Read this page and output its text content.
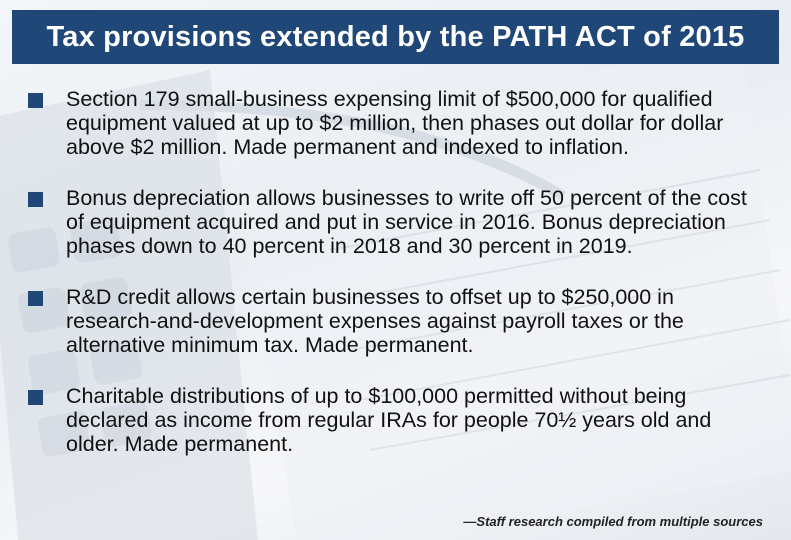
Tax provisions extended by the PATH ACT of 2015
Section 179 small-business expensing limit of $500,000 for qualified equipment valued at up to $2 million, then phases out dollar for dollar above $2 million. Made permanent and indexed to inflation.
Bonus depreciation allows businesses to write off 50 percent of the cost of equipment acquired and put in service in 2016. Bonus depreciation phases down to 40 percent in 2018 and 30 percent in 2019.
R&D credit allows certain businesses to offset up to $250,000 in research-and-development expenses against payroll taxes or the alternative minimum tax. Made permanent.
Charitable distributions of up to $100,000 permitted without being declared as income from regular IRAs for people 70½ years old and older. Made permanent.
—Staff research compiled from multiple sources
